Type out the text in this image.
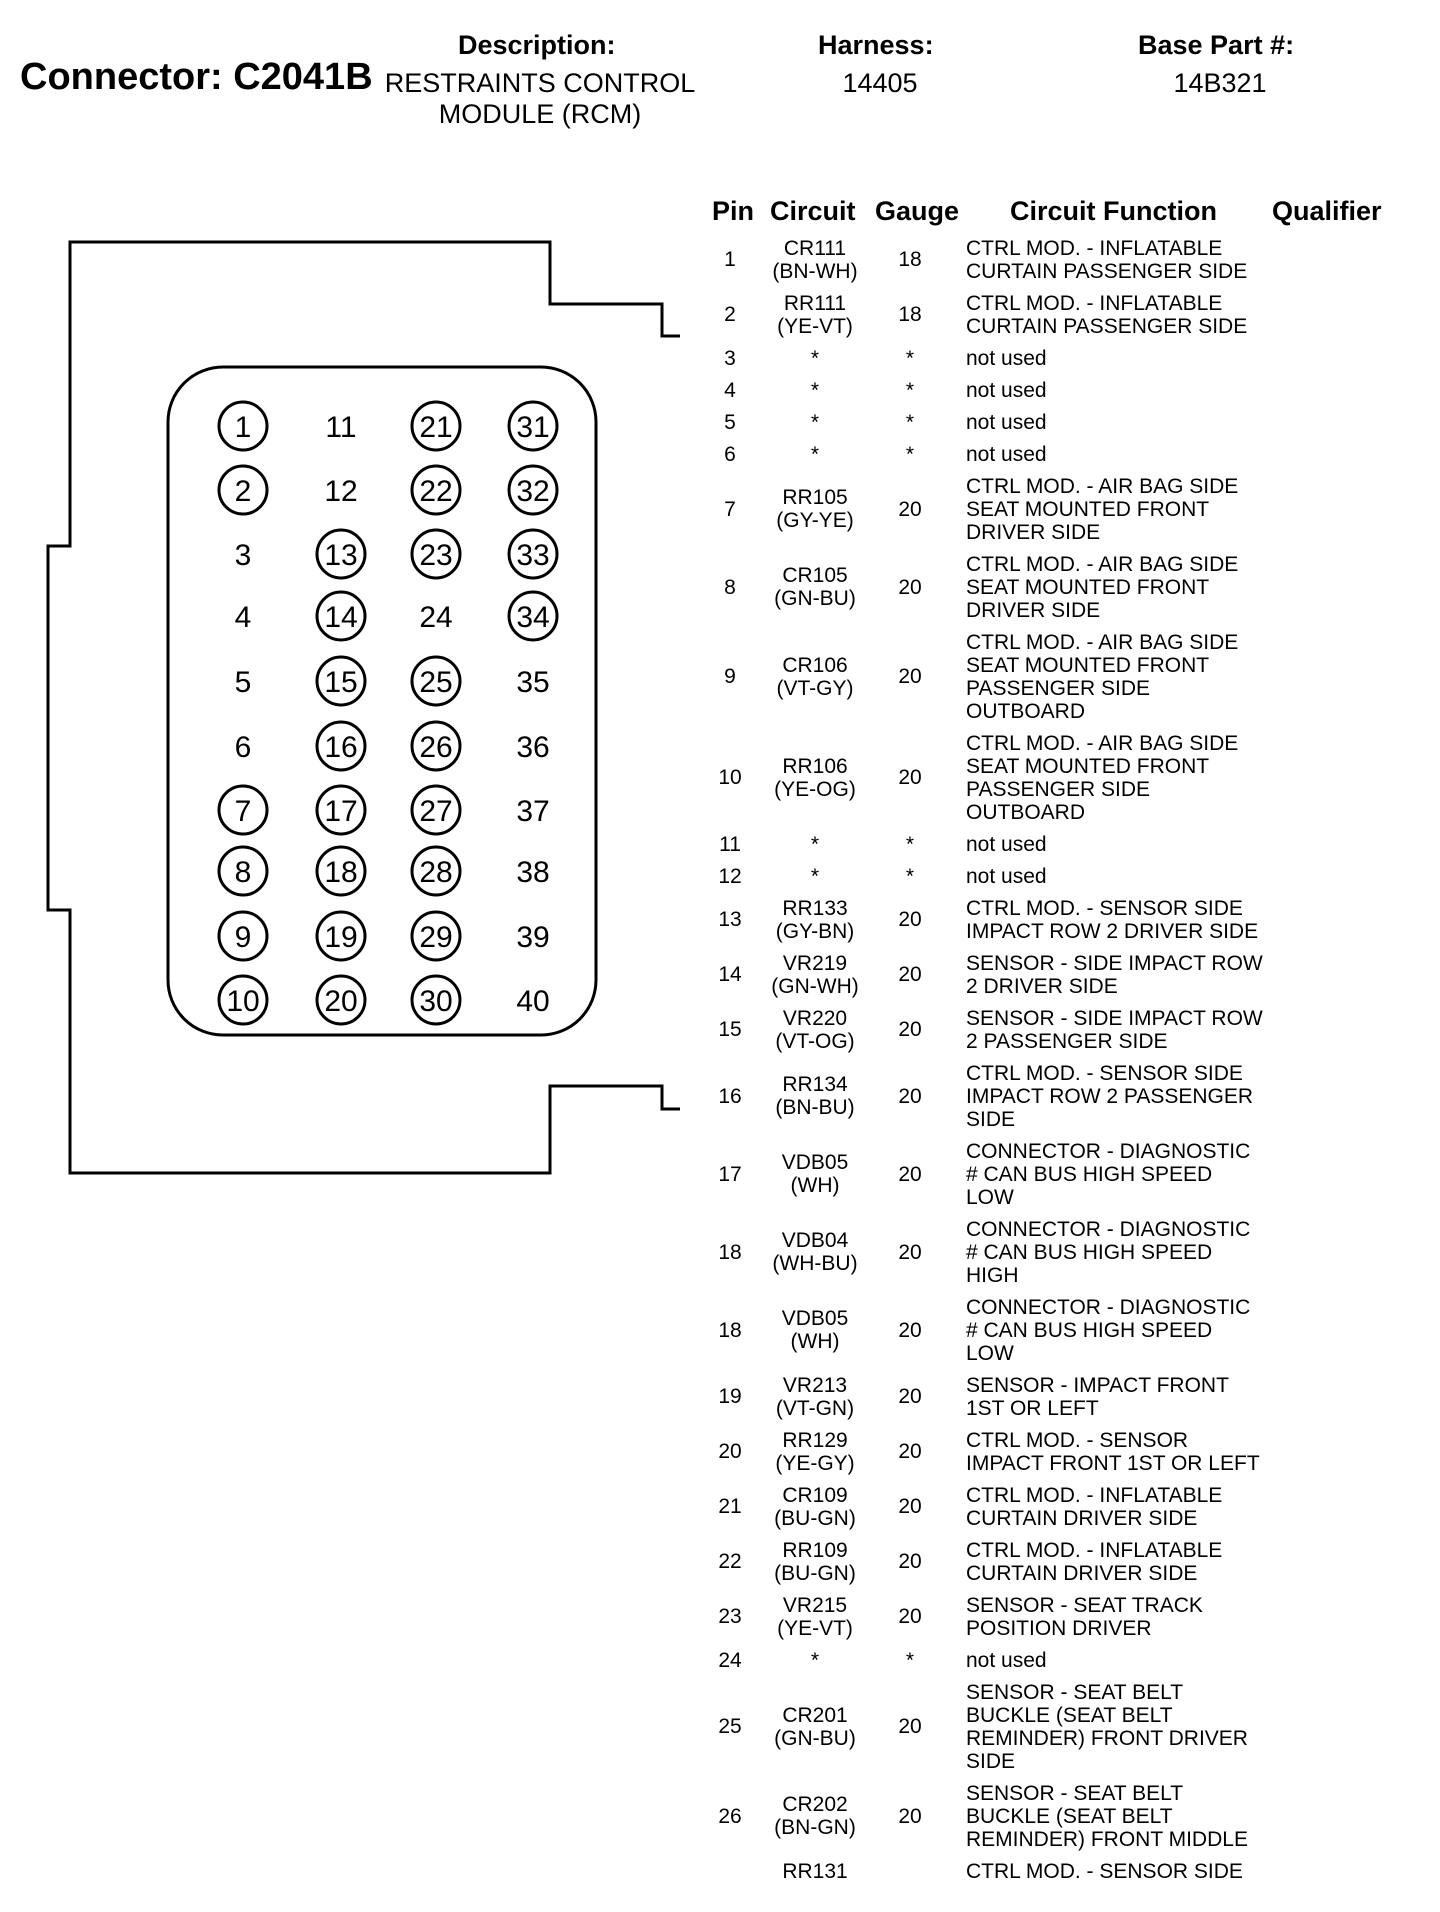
Connector: C2041B
Description:
RESTRAINTS CONTROL MODULE (RCM)
Harness:
14405
Base Part #:
14B321
1 11 21 31
2 12 22 32
3 13 23 33
4 14 24 34
5 15 25 35
6 16 26 36
7 17 27 37
8 18 28 38
9 19 29 39
10 20 30 40
Pin Circuit Gauge Circuit Function Qualifier
1	CR111
(BN-WH)	18	CTRL MOD. - INFLATABLE
CURTAIN PASSENGER SIDE
2	RR111
(YE-VT)	18	CTRL MOD. - INFLATABLE
CURTAIN PASSENGER SIDE
3	*	*	not used
4	*	*	not used
5	*	*	not used
6	*	*	not used
7	RR105
(GY-YE)	20
CTRL MOD. - AIR BAG SIDE
SEAT MOUNTED FRONT
DRIVER SIDE
8	CR105
(GN-BU)	20
CTRL MOD. - AIR BAG SIDE
SEAT MOUNTED FRONT
DRIVER SIDE
9	CR106
(VT-GY)	20
CTRL MOD. - AIR BAG SIDE
SEAT MOUNTED FRONT
PASSENGER SIDE
OUTBOARD
10	RR106
(YE-OG)	20
CTRL MOD. - AIR BAG SIDE
SEAT MOUNTED FRONT
PASSENGER SIDE
OUTBOARD
11	*	*	not used
12	*	*	not used
13	RR133
(GY-BN)	20	CTRL MOD. - SENSOR SIDE
IMPACT ROW 2 DRIVER SIDE
14	VR219
(GN-WH)	20	SENSOR - SIDE IMPACT ROW
2 DRIVER SIDE
15	VR220
(VT-OG)	20	SENSOR - SIDE IMPACT ROW
2 PASSENGER SIDE
16	RR134
(BN-BU)	20
CTRL MOD. - SENSOR SIDE
IMPACT ROW 2 PASSENGER
SIDE
17	VDB05
(WH)	20
CONNECTOR - DIAGNOSTIC
# CAN BUS HIGH SPEED
LOW
18	VDB04
(WH-BU)	20
CONNECTOR - DIAGNOSTIC
# CAN BUS HIGH SPEED
HIGH
18	VDB05
(WH)	20
CONNECTOR - DIAGNOSTIC
# CAN BUS HIGH SPEED
LOW
19	VR213
(VT-GN)	20	SENSOR - IMPACT FRONT
1ST OR LEFT
20	RR129
(YE-GY)	20	CTRL MOD. - SENSOR
IMPACT FRONT 1ST OR LEFT
21	CR109
(BU-GN)	20	CTRL MOD. - INFLATABLE
CURTAIN DRIVER SIDE
22	RR109
(BU-GN)	20	CTRL MOD. - INFLATABLE
CURTAIN DRIVER SIDE
23	VR215
(YE-VT)	20	SENSOR - SEAT TRACK
POSITION DRIVER
24	*	*	not used
25	CR201
(GN-BU)	20
SENSOR - SEAT BELT
BUCKLE (SEAT BELT
REMINDER) FRONT DRIVER
SIDE
26	CR202
(BN-GN)	20
SENSOR - SEAT BELT
BUCKLE (SEAT BELT
REMINDER) FRONT MIDDLE
RR131	CTRL MOD. - SENSOR SIDE
